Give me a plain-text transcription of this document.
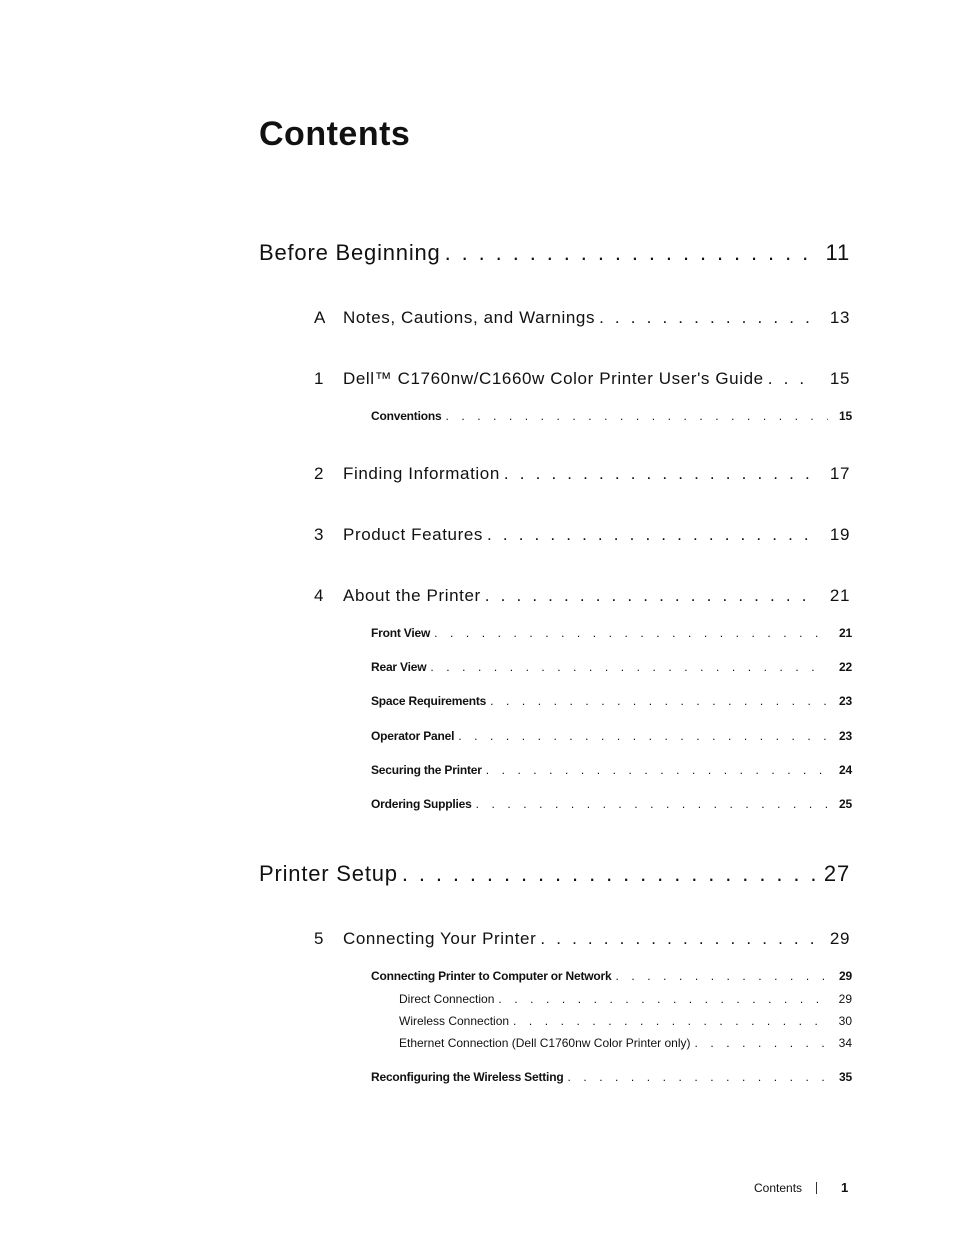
Contents
Before Beginning . . .	11
A Notes, Cautions, and Warnings . . .	13
1 Dell™ C1760nw/C1660w Color Printer User's Guide . . .	15
Conventions . . .	15
2 Finding Information . . .	17
3 Product Features . . .	19
4 About the Printer . . .	21
Front View . . .	21
Rear View . . .	22
Space Requirements . . .	23
Operator Panel . . .	23
Securing the Printer . . .	24
Ordering Supplies . . .	25
Printer Setup . . .	27
5 Connecting Your Printer . . .	29
Connecting Printer to Computer or Network . . .	29
Direct Connection . . .	29
Wireless Connection . . .	30
Ethernet Connection (Dell C1760nw Color Printer only) . . .	34
Reconfiguring the Wireless Setting . . .	35
Contents	1
